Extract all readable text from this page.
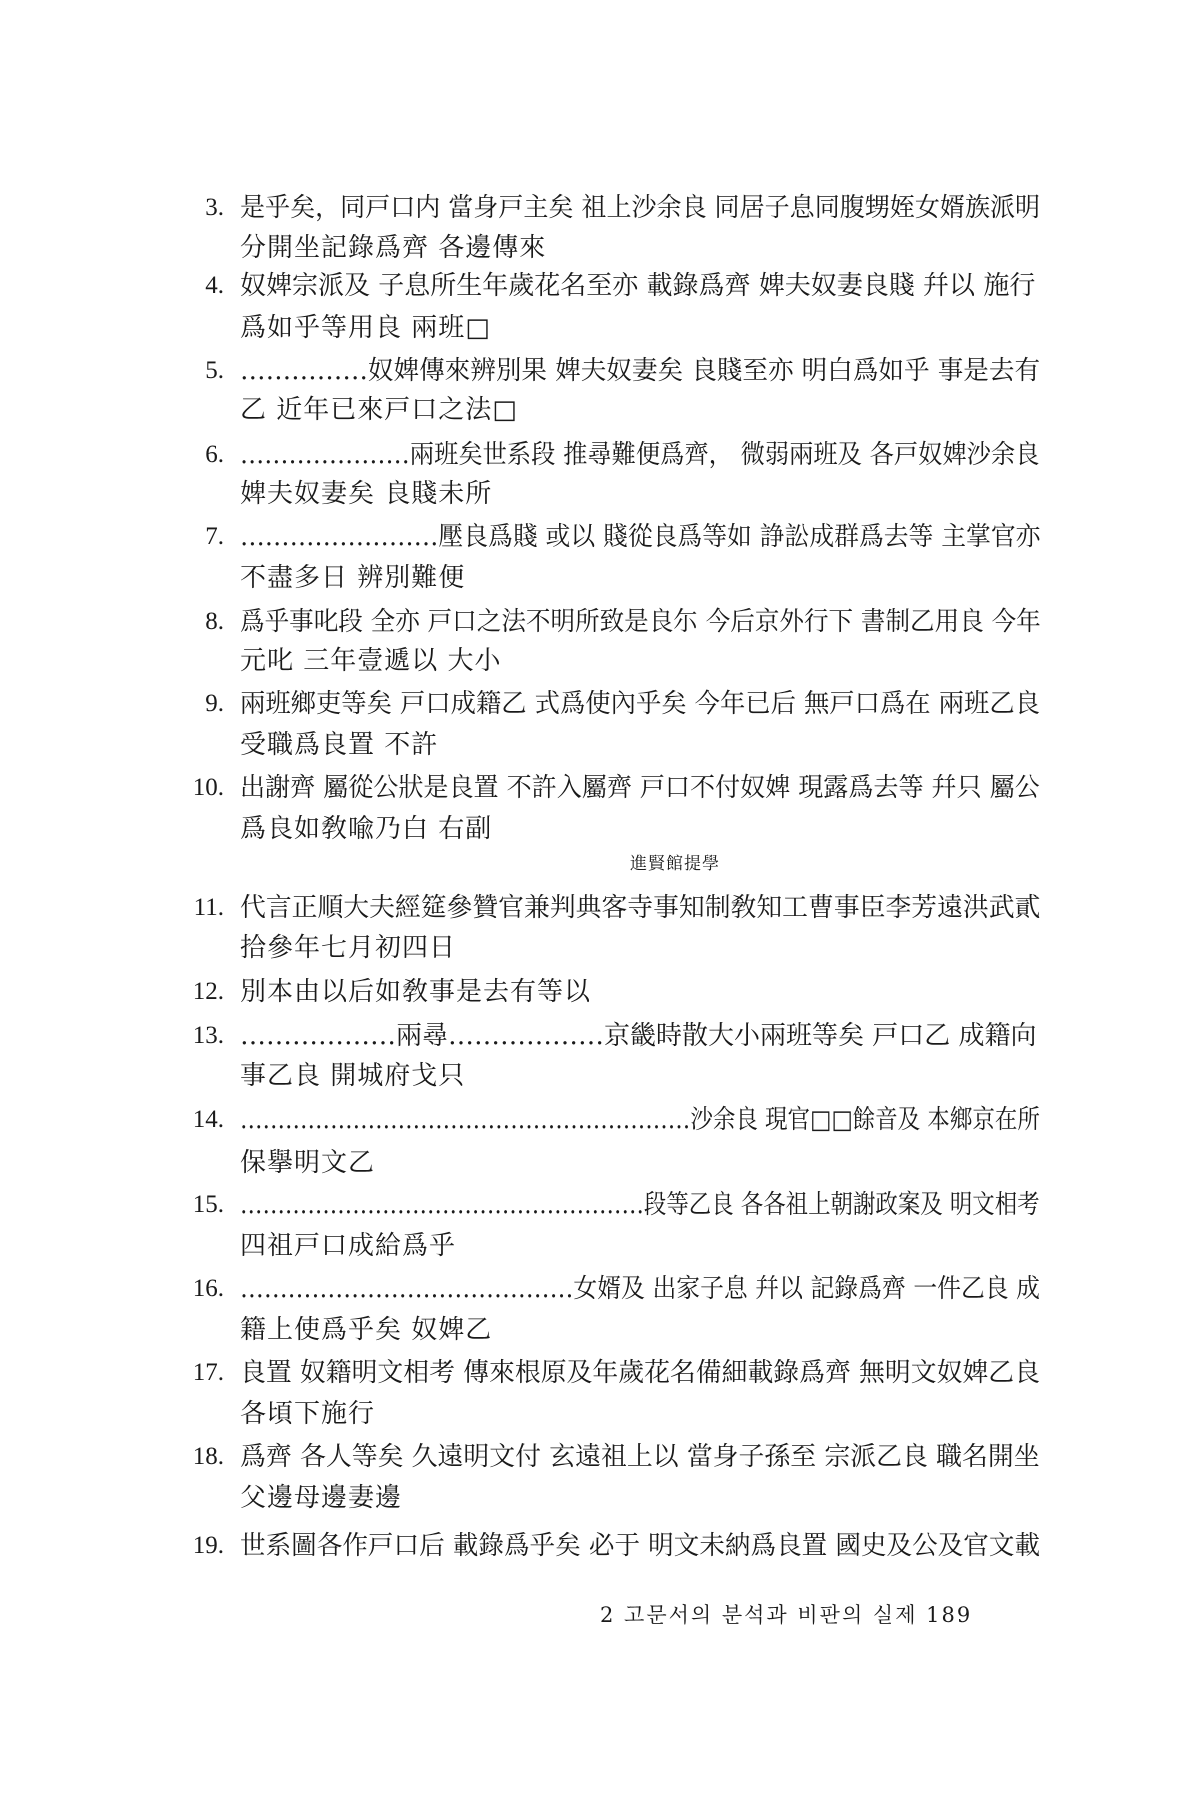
3. 是乎矣，同戸口内 當身戸主矣 祖上沙余良 同居子息同腹甥姪女婿族派明
分開坐記錄爲齊 各邊傳來
4. 奴婢宗派及 子息所生年歲花名至亦 載錄爲齊 婢夫奴妻良賤 幷以 施行
爲如乎等用良 兩班□
5. ……………奴婢傳來辨別果 婢夫奴妻矣 良賤至亦 明白爲如乎 事是去有
乙 近年已來戸口之法□
6. …………………兩班矣世系段 推尋難便爲齊， 微弱兩班及 各戸奴婢沙余良
婢夫奴妻矣 良賤未所
7. ……………………壓良爲賤 或以 賤從良爲等如 諍訟成群爲去等 主掌官亦
不盡多日 辨別難便
8. 爲乎事叱段 全亦 戸口之法不明所致是良尓 今后京外行下 書制乙用良 今年
元叱 三年壹遞以 大小
9. 兩班鄉吏等矣 戸口成籍乙 式爲使內乎矣 今年已后 無戸口爲在 兩班乙良
受職爲良置 不許
10. 出謝齊 屬從公狀是良置 不許入屬齊 戸口不付奴婢 現露爲去等 幷只 屬公
爲良如敎喩乃白 右副
進賢館提學
11. 代言正順大夫經筵參贊官兼判典客寺事知制敎知工曹事臣李芳遠洪武貳
拾參年七月初四日
12. 別本由以后如敎事是去有等以
13. ………………兩尋………………京畿時散大小兩班等矣 戸口乙 成籍向
事乙良 開城府戈只
14. ……………………………………………………沙余良 現官□□餘音及 本鄉京在所
保擧明文乙
15. ………………………………………………段等乙良 各各祖上朝謝政案及 明文相考
四祖戸口成給爲乎
16. ……………………………………女婿及 出家子息 幷以 記錄爲齊 一件乙良 成
籍上使爲乎矣 奴婢乙
17. 良置 奴籍明文相考 傳來根原及年歲花名備細載錄爲齊 無明文奴婢乙良
各頃下施行
18. 爲齊 各人等矣 久遠明文付 玄遠祖上以 當身子孫至 宗派乙良 職名開坐
父邊母邊妻邊
19. 世系圖各作戸口后 載錄爲乎矣 必于 明文未納爲良置 國史及公及官文載
2 고문서의 분석과 비판의 실제 189
